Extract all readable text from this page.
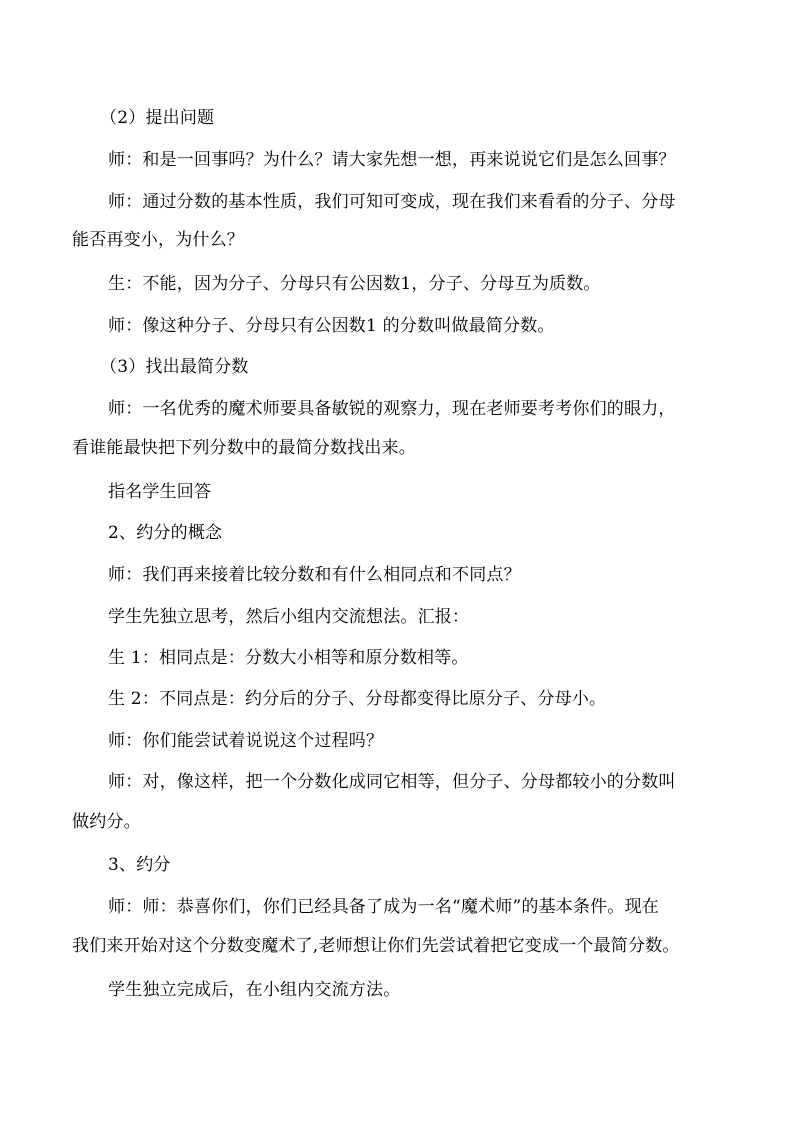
（2）提出问题
师：和是一回事吗？为什么？请大家先想一想，再来说说它们是怎么回事？
师：通过分数的基本性质，我们可知可变成，现在我们来看看的分子、分母
能否再变小，为什么？
生：不能，因为分子、分母只有公因数1，分子、分母互为质数。
师：像这种分子、分母只有公因数1 的分数叫做最简分数。
（3）找出最简分数
师：一名优秀的魔术师要具备敏锐的观察力，现在老师要考考你们的眼力，
看谁能最快把下列分数中的最简分数找出来。
指名学生回答
2、约分的概念
师：我们再来接着比较分数和有什么相同点和不同点？
学生先独立思考，然后小组内交流想法。汇报：
生 1：相同点是：分数大小相等和原分数相等。
生 2：不同点是：约分后的分子、分母都变得比原分子、分母小。
师：你们能尝试着说说这个过程吗？
师：对，像这样，把一个分数化成同它相等，但分子、分母都较小的分数叫
做约分。
3、约分
师：师：恭喜你们，你们已经具备了成为一名“魔术师”的基本条件。现在
我们来开始对这个分数变魔术了,老师想让你们先尝试着把它变成一个最简分数。
学生独立完成后，在小组内交流方法。
